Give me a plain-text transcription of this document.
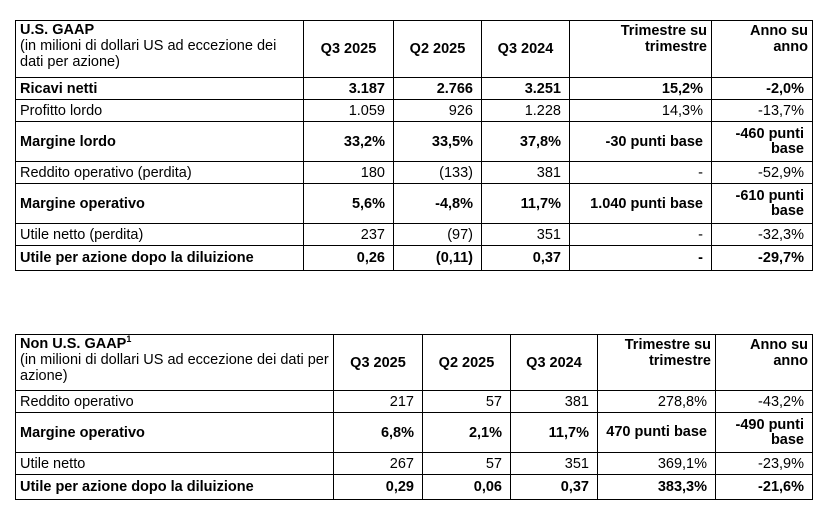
U.S. GAAP
(in milioni di dollari US ad eccezione dei dati per azione)	Q3 2025	Q2 2025	Q3 2024	Trimestre su trimestre	Anno su anno
Ricavi netti	3.187	2.766	3.251	15,2%	-2,0%
Profitto lordo	1.059	926	1.228	14,3%	-13,7%
Margine lordo	33,2%	33,5%	37,8%	-30 punti base	-460 punti base
Reddito operativo (perdita)	180	(133)	381	-	-52,9%
Margine operativo	5,6%	-4,8%	11,7%	1.040 punti base	-610 punti base
Utile netto (perdita)	237	(97)	351	-	-32,3%
Utile per azione dopo la diluizione	0,26	(0,11)	0,37	-	-29,7%
Non U.S. GAAP$^1$
(in milioni di dollari US ad eccezione dei dati per azione)	Q3 2025	Q2 2025	Q3 2024	Trimestre su trimestre	Anno su anno
Reddito operativo	217	57	381	278,8%	-43,2%
Margine operativo	6,8%	2,1%	11,7%	470 punti base	-490 punti base
Utile netto	267	57	351	369,1%	-23,9%
Utile per azione dopo la diluizione	0,29	0,06	0,37	383,3%	-21,6%
